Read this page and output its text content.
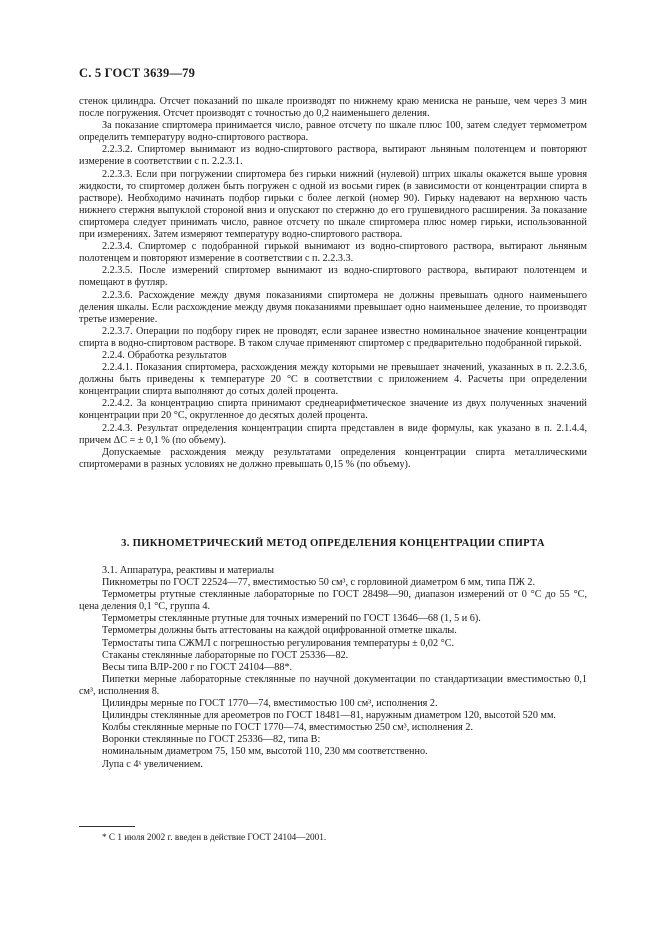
С. 5 ГОСТ 3639—79

стенок цилиндра. Отсчет показаний по шкале производят по нижнему краю мениска не раньше, чем через 3 мин после погружения. Отсчет производят с точностью до 0,2 наименьшего деления.

За показание спиртомера принимается число, равное отсчету по шкале плюс 100, затем следует термометром определить температуру водно-спиртового раствора.

2.2.3.2. Спиртомер вынимают из водно-спиртового раствора, вытирают льняным полотенцем и повторяют измерение в соответствии с п. 2.2.3.1.

2.2.3.3. Если при погружении спиртомера без гирьки нижний (нулевой) штрих шкалы окажется выше уровня жидкости, то спиртомер должен быть погружен с одной из восьми гирек (в зависимости от концентрации спирта в растворе). Необходимо начинать подбор гирьки с более легкой (номер 90). Гирьку надевают на верхнюю часть нижнего стержня выпуклой стороной вниз и опускают по стержню до его грушевидного расширения. За показание спиртомера следует принимать число, равное отсчету по шкале спиртомера плюс номер гирьки, использованной при измерениях. Затем измеряют температуру водно-спиртового раствора.

2.2.3.4. Спиртомер с подобранной гирькой вынимают из водно-спиртового раствора, вытирают льняным полотенцем и повторяют измерение в соответствии с п. 2.2.3.3.

2.2.3.5. После измерений спиртомер вынимают из водно-спиртового раствора, вытирают полотенцем и помещают в футляр.

2.2.3.6. Расхождение между двумя показаниями спиртомера не должны превышать одного наименьшего деления шкалы. Если расхождение между двумя показаниями превышает одно наименьшее деление, то производят третье измерение.

2.2.3.7. Операции по подбору гирек не проводят, если заранее известно номинальное значение концентрации спирта в водно-спиртовом растворе. В таком случае применяют спиртомер с предварительно подобранной гирькой.

2.2.4. Обработка результатов

2.2.4.1. Показания спиртомера, расхождения между которыми не превышает значений, указанных в п. 2.2.3.6, должны быть приведены к температуре 20 °С в соответствии с приложением 4. Расчеты при определении концентрации спирта выполняют до сотых долей процента.

2.2.4.2. За концентрацию спирта принимают среднеарифметическое значение из двух полученных значений концентрации при 20 °С, округленное до десятых долей процента.

2.2.4.3. Результат определения концентрации спирта представлен в виде формулы, как указано в п. 2.1.4.4, причем ΔC = ± 0,1 % (по объему).

Допускаемые расхождения между результатами определения концентрации спирта металлическими спиртомерами в разных условиях не должно превышать 0,15 % (по объему).

3. ПИКНОМЕТРИЧЕСКИЙ МЕТОД ОПРЕДЕЛЕНИЯ КОНЦЕНТРАЦИИ СПИРТА

3.1. Аппаратура, реактивы и материалы

Пикнометры по ГОСТ 22524—77, вместимостью 50 см³, с горловиной диаметром 6 мм, типа ПЖ 2.

Термометры ртутные стеклянные лабораторные по ГОСТ 28498—90, диапазон измерений от 0 °С до 55 °С, цена деления 0,1 °С, группа 4.

Термометры стеклянные ртутные для точных измерений по ГОСТ 13646—68 (1, 5 и 6).

Термометры должны быть аттестованы на каждой оцифрованной отметке шкалы.

Термостаты типа СЖМЛ с погрешностью регулирования температуры ± 0,02 °С.

Стаканы стеклянные лабораторные по ГОСТ 25336—82.

Весы типа ВЛР-200 г по ГОСТ 24104—88*.

Пипетки мерные лабораторные стеклянные по научной документации по стандартизации вместимостью 0,1 см³, исполнения 8.

Цилиндры мерные по ГОСТ 1770—74, вместимостью 100 см³, исполнения 2.

Цилиндры стеклянные для ареометров по ГОСТ 18481—81, наружным диаметром 120, высотой 520 мм.

Колбы стеклянные мерные по ГОСТ 1770—74, вместимостью 250 см³, исполнения 2.

Воронки стеклянные по ГОСТ 25336—82, типа В:

номинальным диаметром 75, 150 мм, высотой 110, 230 мм соответственно.

Лупа с 4ˣ увеличением.

* С 1 июля 2002 г. введен в действие ГОСТ 24104—2001.
